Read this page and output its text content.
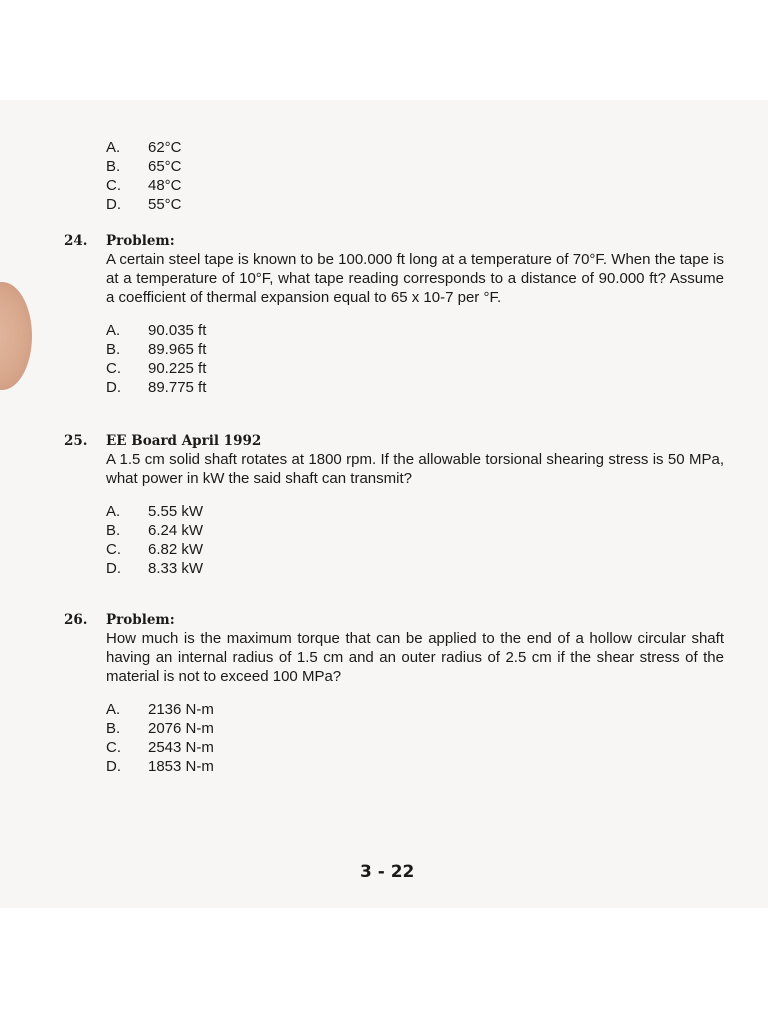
A.	62°C
B.	65°C
C.	48°C
D.	55°C
24.	Problem:
A certain steel tape is known to be 100.000 ft long at a temperature of 70°F. When the tape is at a temperature of 10°F, what tape reading corresponds to a distance of 90.000 ft? Assume a coefficient of thermal expansion equal to 65 x 10-7 per °F.
A.	90.035 ft
B.	89.965 ft
C.	90.225 ft
D.	89.775 ft
25.	EE Board April 1992
A 1.5 cm solid shaft rotates at 1800 rpm. If the allowable torsional shearing stress is 50 MPa, what power in kW the said shaft can transmit?
A.	5.55 kW
B.	6.24 kW
C.	6.82 kW
D.	8.33 kW
26.	Problem:
How much is the maximum torque that can be applied to the end of a hollow circular shaft having an internal radius of 1.5 cm and an outer radius of 2.5 cm if the shear stress of the material is not to exceed 100 MPa?
A.	2136 N-m
B.	2076 N-m
C.	2543 N-m
D.	1853 N-m
3 - 22
